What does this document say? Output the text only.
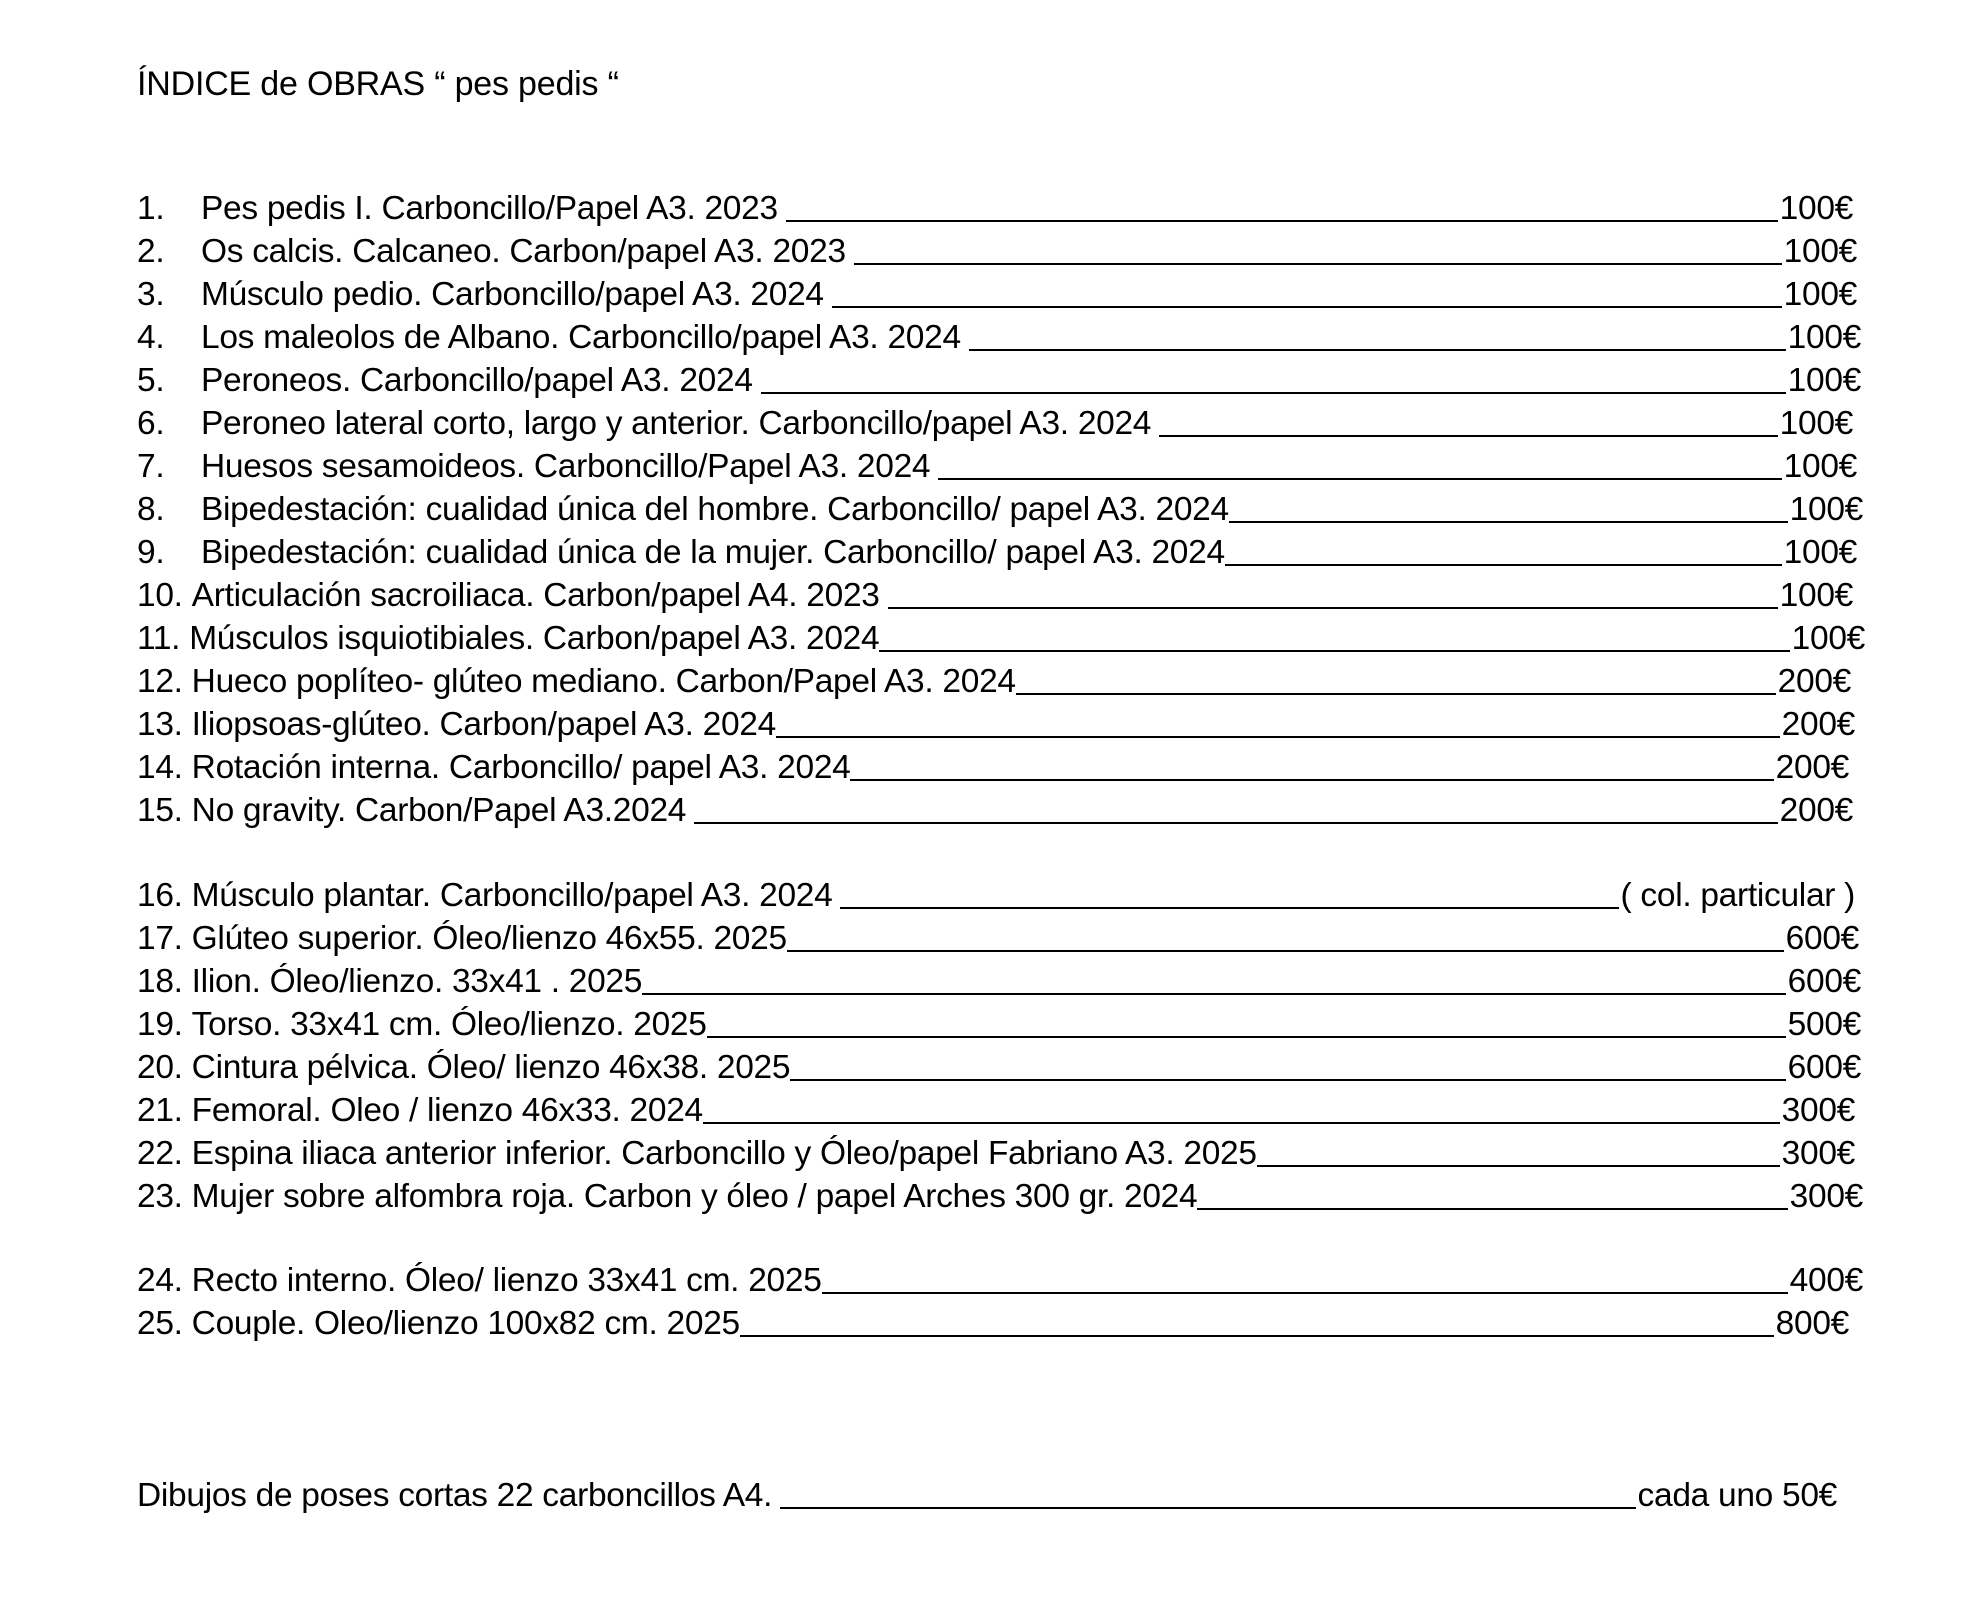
ÍNDICE de OBRAS “ pes pedis “
1.	Pes pedis I. Carboncillo/Papel A3. 2023	100€
2.	Os calcis. Calcaneo. Carbon/papel A3. 2023	100€
3.	Músculo pedio. Carboncillo/papel A3. 2024	100€
4.	Los maleolos de Albano. Carboncillo/papel A3. 2024	100€
5.	Peroneos. Carboncillo/papel A3. 2024	100€
6.	Peroneo lateral corto, largo y anterior. Carboncillo/papel A3. 2024	100€
7.	Huesos sesamoideos. Carboncillo/Papel A3. 2024	100€
8.	Bipedestación: cualidad única del hombre. Carboncillo/ papel A3. 2024	100€
9.	Bipedestación: cualidad única de la mujer. Carboncillo/ papel A3. 2024	100€
10. Articulación sacroiliaca. Carbon/papel A4. 2023	100€
11. Músculos isquiotibiales. Carbon/papel A3. 2024	100€
12. Hueco poplíteo- glúteo mediano. Carbon/Papel A3. 2024	200€
13. Iliopsoas-glúteo. Carbon/papel A3. 2024	200€
14. Rotación interna. Carboncillo/ papel A3. 2024	200€
15. No gravity. Carbon/Papel A3.2024	200€
16. Músculo plantar. Carboncillo/papel A3. 2024	( col. particular )
17. Glúteo superior. Óleo/lienzo 46x55. 2025	600€
18. Ilion. Óleo/lienzo. 33x41 . 2025	600€
19. Torso. 33x41 cm. Óleo/lienzo. 2025	500€
20. Cintura pélvica. Óleo/ lienzo 46x38. 2025	600€
21. Femoral. Oleo / lienzo 46x33. 2024	300€
22. Espina iliaca anterior inferior. Carboncillo y Óleo/papel Fabriano A3. 2025	300€
23. Mujer sobre alfombra roja. Carbon y óleo / papel Arches 300 gr. 2024	300€
24. Recto interno. Óleo/ lienzo 33x41 cm. 2025	400€
25. Couple. Oleo/lienzo 100x82 cm. 2025	800€
Dibujos de poses cortas 22 carboncillos A4.	cada uno 50€
